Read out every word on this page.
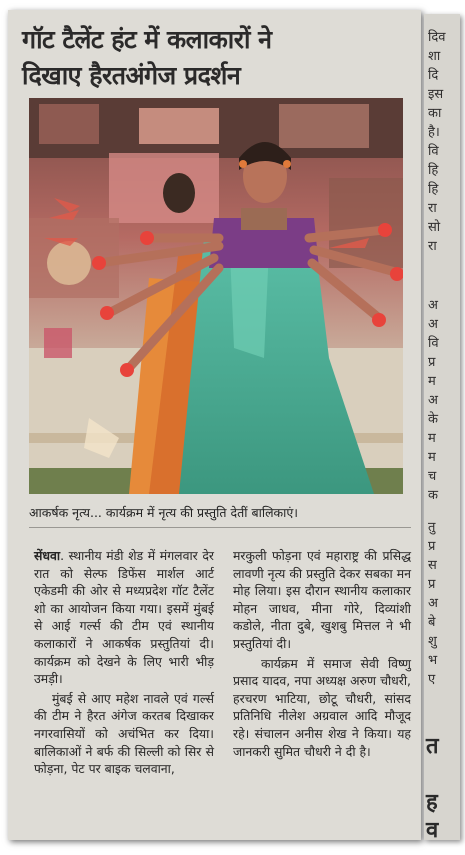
गॉट टैलेंट हंट में कलाकारों ने
दिखाए हैरतअंगेज प्रदर्शन

आकर्षक नृत्य... कार्यक्रम में नृत्य की प्रस्तुति देतीं बालिकाएं।

सेंधवा. स्थानीय मंडी शेड में मंगलवार देर रात को सेल्फ डिफेंस मार्शल आर्ट एकेडमी की ओर से मध्यप्रदेश गॉट टैलेंट शो का आयोजन किया गया। इसमें मुंबई से आई गर्ल्स की टीम एवं स्थानीय कलाकारों ने आकर्षक प्रस्तुतियां दी। कार्यक्रम को देखने के लिए भारी भीड़ उमड़ी।

मुंबई से आए महेश नावले एवं गर्ल्स की टीम ने हैरत अंगेज करतब दिखाकर नगरवासियों को अचंभित कर दिया। बालिकाओं ने बर्फ की सिल्ली को सिर से फोड़ना, पेट पर बाइक चलवाना,

मरकुली फोड़ना एवं महाराष्ट्र की प्रसिद्ध लावणी नृत्य की प्रस्तुति देकर सबका मन मोह लिया। इस दौरान स्थानीय कलाकार मोहन जाधव, मीना गोरे, दिव्यांशी कडोले, नीता दुबे, खुशबु मित्तल ने भी प्रस्तुतियां दी।

कार्यक्रम में समाज सेवी विष्णु प्रसाद यादव, नपा अध्यक्ष अरुण चौधरी, हरचरण भाटिया, छोटू चौधरी, सांसद प्रतिनिधि नीलेश अग्रवाल आदि मौजूद रहे। संचालन अनीस शेख ने किया। यह जानकरी सुमित चौधरी ने दी है।

दिव
शा
दि
इस
का
है।
वि
हि
हि
रा
सो
रा
अ
अ
वि
प्र
म
अ
के
म
म
च
क
तु
प्र
स
प्र
अ
बे
शु
भ
ए
त
ह
व
